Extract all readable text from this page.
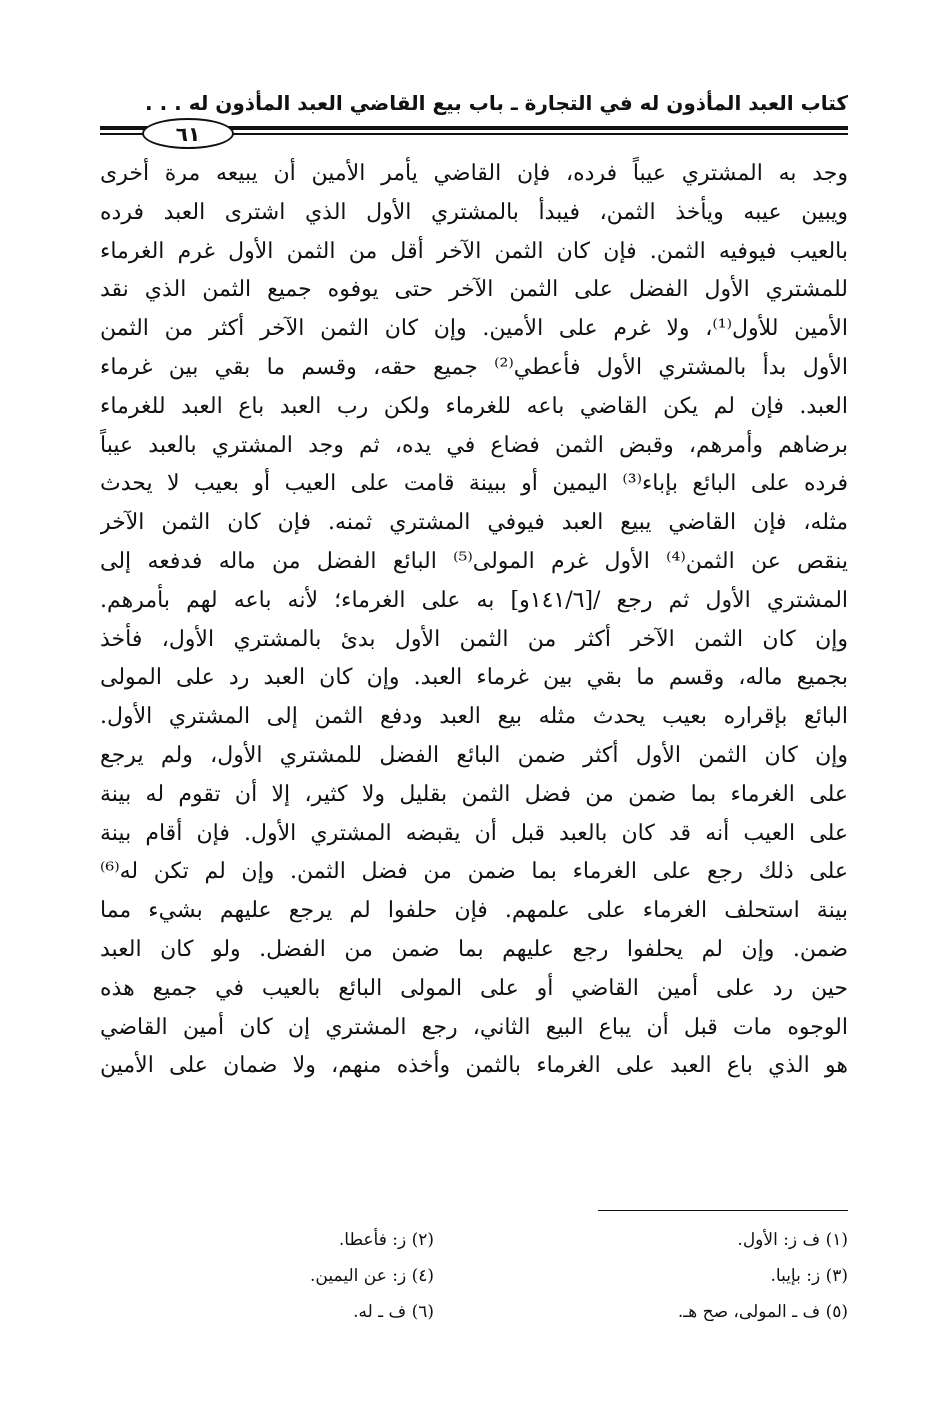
كتاب العبد المأذون له في التجارة ـ باب بيع القاضي العبد المأذون له . . .
٦١
وجد به المشتري عيباً فرده، فإن القاضي يأمر الأمين أن يبيعه مرة أخرى
ويبين عيبه ويأخذ الثمن، فيبدأ بالمشتري الأول الذي اشترى العبد فرده
بالعيب فيوفيه الثمن. فإن كان الثمن الآخر أقل من الثمن الأول غرم الغرماء
للمشتري الأول الفضل على الثمن الآخر حتى يوفوه جميع الثمن الذي نقد
الأمين للأول⁽¹⁾، ولا غرم على الأمين. وإن كان الثمن الآخر أكثر من الثمن
الأول بدأ بالمشتري الأول فأعطي⁽²⁾ جميع حقه، وقسم ما بقي بين غرماء
العبد. فإن لم يكن القاضي باعه للغرماء ولكن رب العبد باع العبد للغرماء
برضاهم وأمرهم، وقبض الثمن فضاع في يده، ثم وجد المشتري بالعبد عيباً
فرده على البائع بإباء⁽³⁾ اليمين أو ببينة قامت على العيب أو بعيب لا يحدث
مثله، فإن القاضي يبيع العبد فيوفي المشتري ثمنه. فإن كان الثمن الآخر
ينقص عن الثمن⁽⁴⁾ الأول غرم المولى⁽⁵⁾ البائع الفضل من ماله فدفعه إلى
المشتري الأول ثم رجع /[١٤١/٦و] به على الغرماء؛ لأنه باعه لهم بأمرهم.
وإن كان الثمن الآخر أكثر من الثمن الأول بدئ بالمشتري الأول، فأخذ
بجميع ماله، وقسم ما بقي بين غرماء العبد. وإن كان العبد رد على المولى
البائع بإقراره بعيب يحدث مثله بيع العبد ودفع الثمن إلى المشتري الأول.
وإن كان الثمن الأول أكثر ضمن البائع الفضل للمشتري الأول، ولم يرجع
على الغرماء بما ضمن من فضل الثمن بقليل ولا كثير، إلا أن تقوم له بينة
على العيب أنه قد كان بالعبد قبل أن يقبضه المشتري الأول. فإن أقام بينة
على ذلك رجع على الغرماء بما ضمن من فضل الثمن. وإن لم تكن له⁽⁶⁾
بينة استحلف الغرماء على علمهم. فإن حلفوا لم يرجع عليهم بشيء مما
ضمن. وإن لم يحلفوا رجع عليهم بما ضمن من الفضل. ولو كان العبد
حين رد على أمين القاضي أو على المولى البائع بالعيب في جميع هذه
الوجوه مات قبل أن يباع البيع الثاني، رجع المشتري إن كان أمين القاضي
هو الذي باع العبد على الغرماء بالثمن وأخذه منهم، ولا ضمان على الأمين
(١) ف ز: الأول.
(٢) ز: فأعطا.
(٣) ز: بإيبا.
(٤) ز: عن اليمين.
(٥) ف ـ المولى، صح هـ.
(٦) ف ـ له.
